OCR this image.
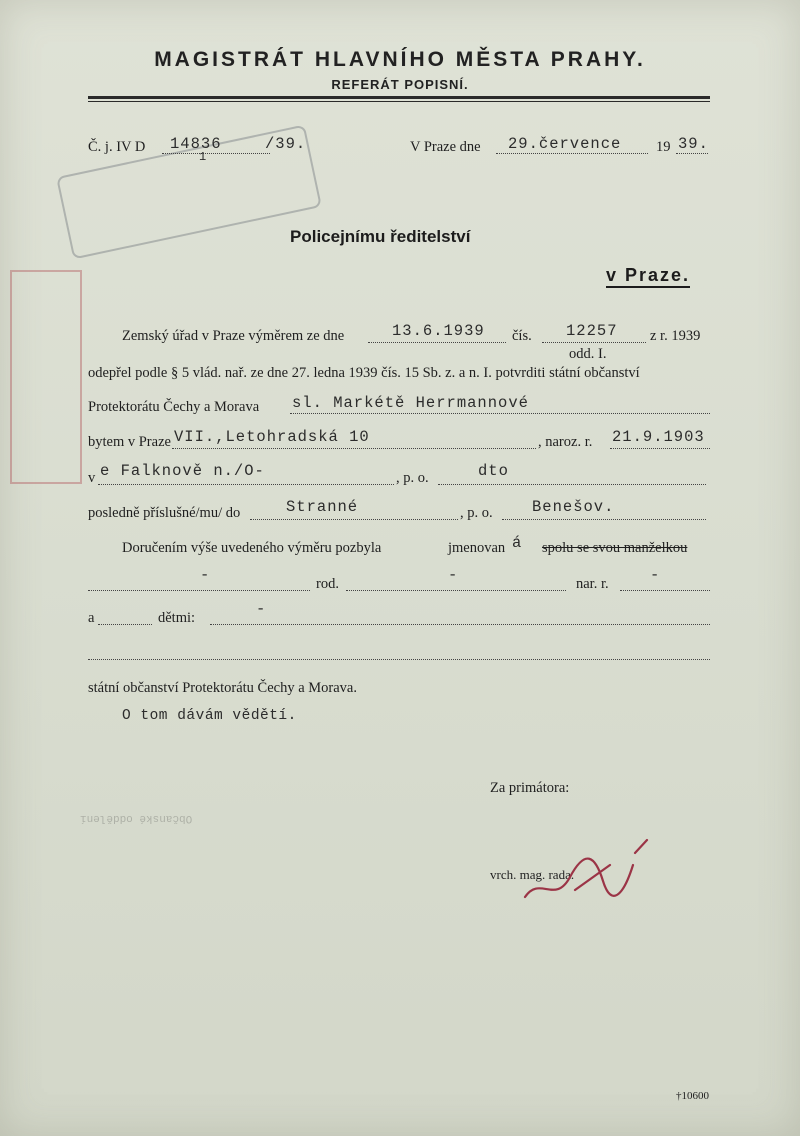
MAGISTRÁT HLAVNÍHO MĚSTA PRAHY.
REFERÁT POPISNÍ.
Č. j. IV D 14836
1
/39.	V Praze dne 29.července 19 39.
Policejnímu ředitelství
v Praze.
Zemský úřad v Praze výměrem ze dne	13.6.1939 čís. 12257 z r. 1939
odd. I.
odepřel podle § 5 vlád. nař. ze dne 27. ledna 1939 čís. 15 Sb. z. a n. I. potvrditi státní občanství
Protektorátu Čechy a Morava sl. Markétě Herrmannové
bytem v Praze VII.,Letohradská 10	, naroz. r. 21.9.1903
v e Falknově n./O-	, p. o.	dto
posledně příslušné/mu/ do	Stranné	, p. o.	Benešov.
Doručením výše uvedeného výměru pozbyla	jmenovan á spolu se svou manželkou
-	rod.	-	nar. r.	-
a	dětmi:	-
státní občanství Protektorátu Čechy a Morava.
O tom dávám vědětí.
Za primátora:
vrch. mag. rada.
Občanské oddělení
†10600
